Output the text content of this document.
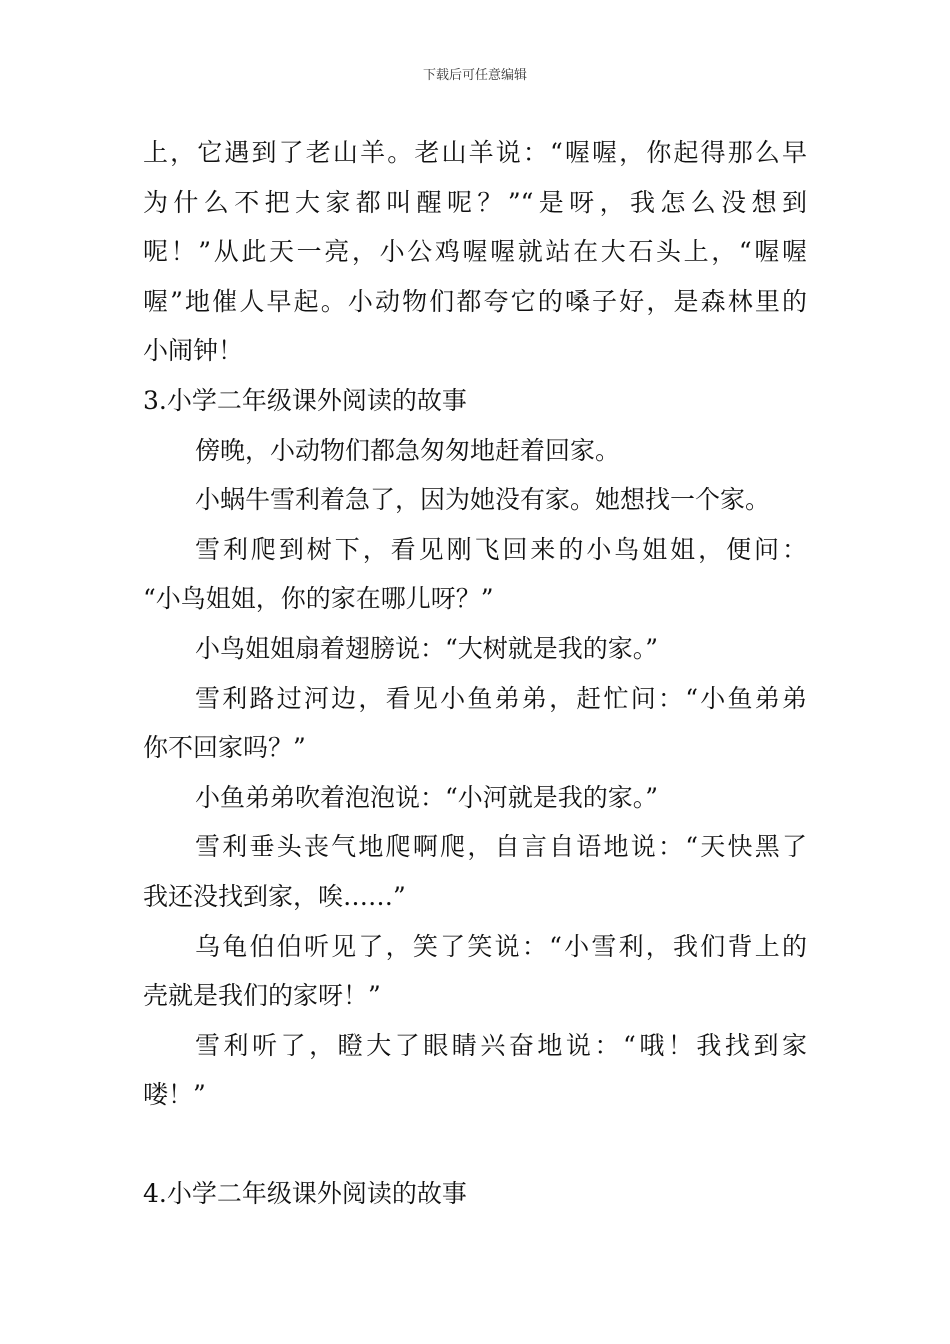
下载后可任意编辑
上，它遇到了老山羊。老山羊说：“喔喔，你起得那么早
为什么不把大家都叫醒呢？”“是呀，我怎么没想到
呢！”从此天一亮，小公鸡喔喔就站在大石头上，“喔喔
喔”地催人早起。小动物们都夸它的嗓子好，是森林里的
小闹钟！
3.小学二年级课外阅读的故事
傍晚，小动物们都急匆匆地赶着回家。
小蜗牛雪利着急了，因为她没有家。她想找一个家。
雪利爬到树下，看见刚飞回来的小鸟姐姐，便问：
“小鸟姐姐，你的家在哪儿呀？”
小鸟姐姐扇着翅膀说：“大树就是我的家。”
雪利路过河边，看见小鱼弟弟，赶忙问：“小鱼弟弟
你不回家吗？”
小鱼弟弟吹着泡泡说：“小河就是我的家。”
雪利垂头丧气地爬啊爬，自言自语地说：“天快黑了
我还没找到家，唉……”
乌龟伯伯听见了，笑了笑说：“小雪利，我们背上的
壳就是我们的家呀！”
雪利听了，瞪大了眼睛兴奋地说：“哦！我找到家
喽！”
4.小学二年级课外阅读的故事
